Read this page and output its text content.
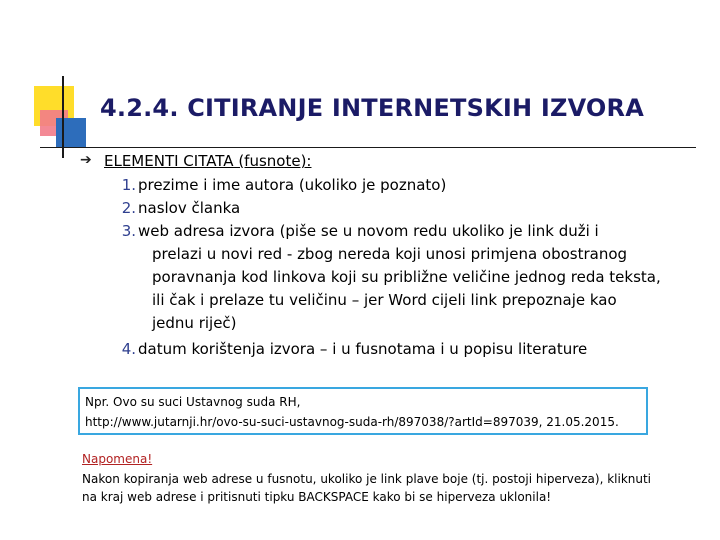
4.2.4. CITIRANJE INTERNETSKIH IZVORA
➔ ELEMENTI CITATA (fusnote):
1. prezime i ime autora (ukoliko je poznato)
2. naslov članka
3. web adresa izvora (piše se u novom redu ukoliko je link duži i
prelazi u novi red - zbog nereda koji unosi primjena obostranog
poravnanja kod linkova koji su približne veličine jednog reda teksta,
ili čak i prelaze tu veličinu – jer Word cijeli link prepoznaje kao
jednu riječ)
4. datum korištenja izvora – i u fusnotama i u popisu literature
Npr. Ovo su suci Ustavnog suda RH,
http://www.jutarnji.hr/ovo-su-suci-ustavnog-suda-rh/897038/?artId=897039, 21.05.2015.
Napomena!
Nakon kopiranja web adrese u fusnotu, ukoliko je link plave boje (tj. postoji hiperveza), kliknuti
na kraj web adrese i pritisnuti tipku BACKSPACE kako bi se hiperveza uklonila!
